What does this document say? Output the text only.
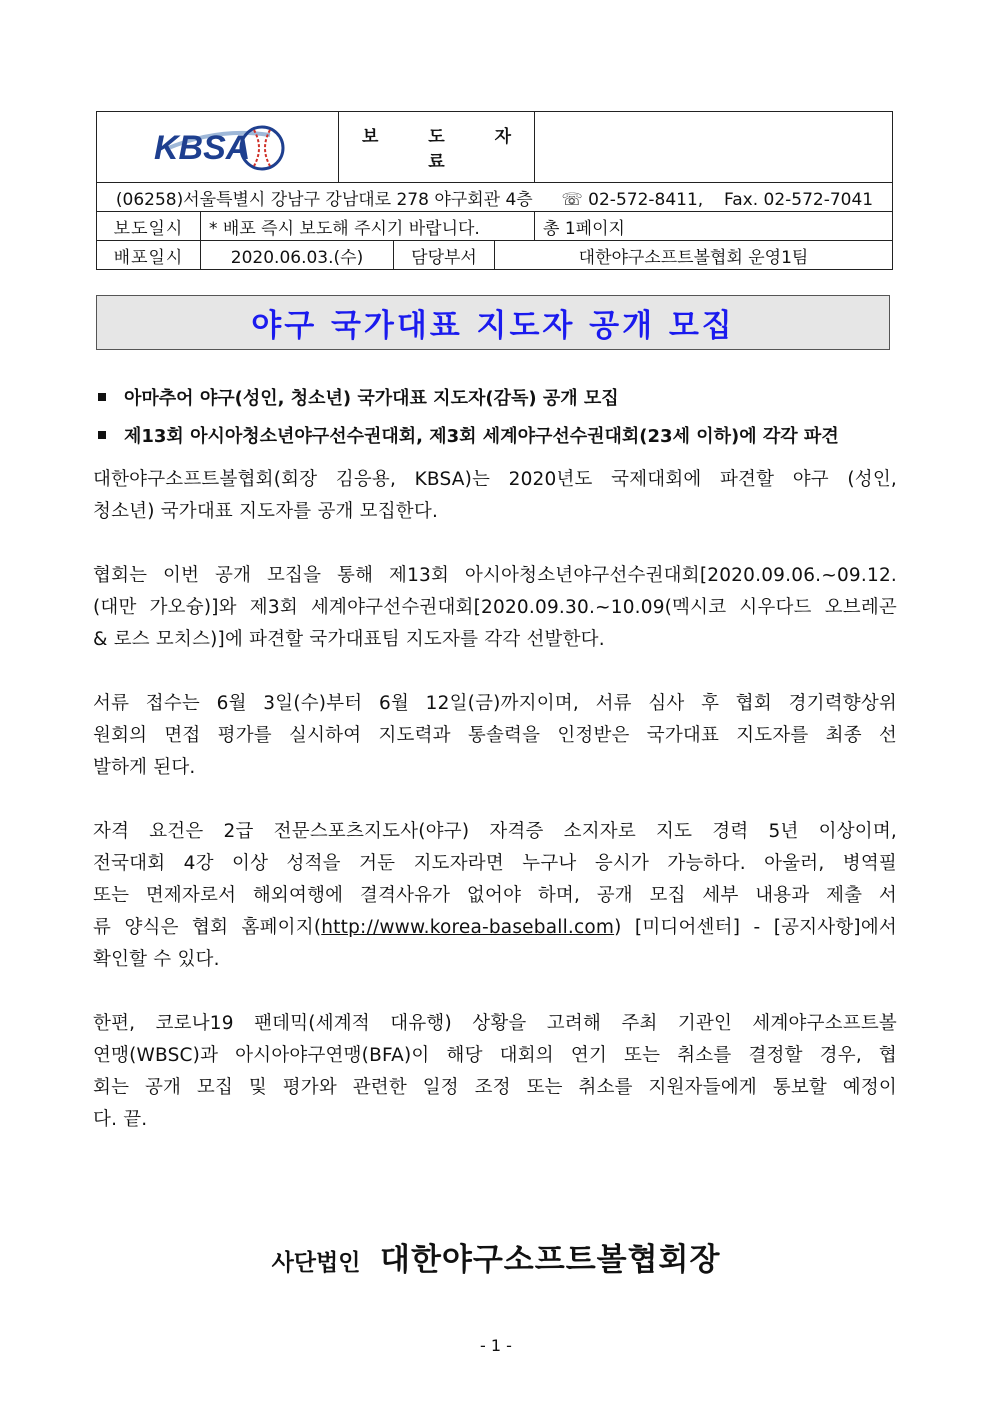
KBSA		보 도 자 료			
(06258)서울특별시 강남구 강남대로 278 야구회관 4층 ☏ 02-572-8411, Fax. 02-572-7041					
보도일시	* 배포 즉시 보도해 주시기 바랍니다.				총 1페이지
배포일시	2020.06.03.(수)		담당부서	대한야구소프트볼협회 운영1팀	
야구 국가대표 지도자 공개 모집
아마추어 야구(성인, 청소년) 국가대표 지도자(감독) 공개 모집
제13회 아시아청소년야구선수권대회, 제3회 세계야구선수권대회(23세 이하)에 각각 파견

대한야구소프트볼협회(회장 김응용, KBSA)는 2020년도 국제대회에 파견할 야구 (성인,
청소년) 국가대표 지도자를 공개 모집한다.

협회는 이번 공개 모집을 통해 제13회 아시아청소년야구선수권대회[2020.09.06.~09.12.
(대만 가오슝)]와 제3회 세계야구선수권대회[2020.09.30.~10.09(멕시코 시우다드 오브레곤
& 로스 모치스)]에 파견할 국가대표팀 지도자를 각각 선발한다.

서류 접수는 6월 3일(수)부터 6월 12일(금)까지이며, 서류 심사 후 협회 경기력향상위
원회의 면접 평가를 실시하여 지도력과 통솔력을 인정받은 국가대표 지도자를 최종 선
발하게 된다.

자격 요건은 2급 전문스포츠지도사(야구) 자격증 소지자로 지도 경력 5년 이상이며,
전국대회 4강 이상 성적을 거둔 지도자라면 누구나 응시가 가능하다. 아울러, 병역필
또는 면제자로서 해외여행에 결격사유가 없어야 하며, 공개 모집 세부 내용과 제출 서
류 양식은 협회 홈페이지(http://www.korea-baseball.com) [미디어센터] - [공지사항]에서
확인할 수 있다.

한편, 코로나19 팬데믹(세계적 대유행) 상황을 고려해 주최 기관인 세계야구소프트볼
연맹(WBSC)과 아시아야구연맹(BFA)이 해당 대회의 연기 또는 취소를 결정할 경우, 협
회는 공개 모집 및 평가와 관련한 일정 조정 또는 취소를 지원자들에게 통보할 예정이
다. 끝.

사단법인 대한야구소프트볼협회장
- 1 -
